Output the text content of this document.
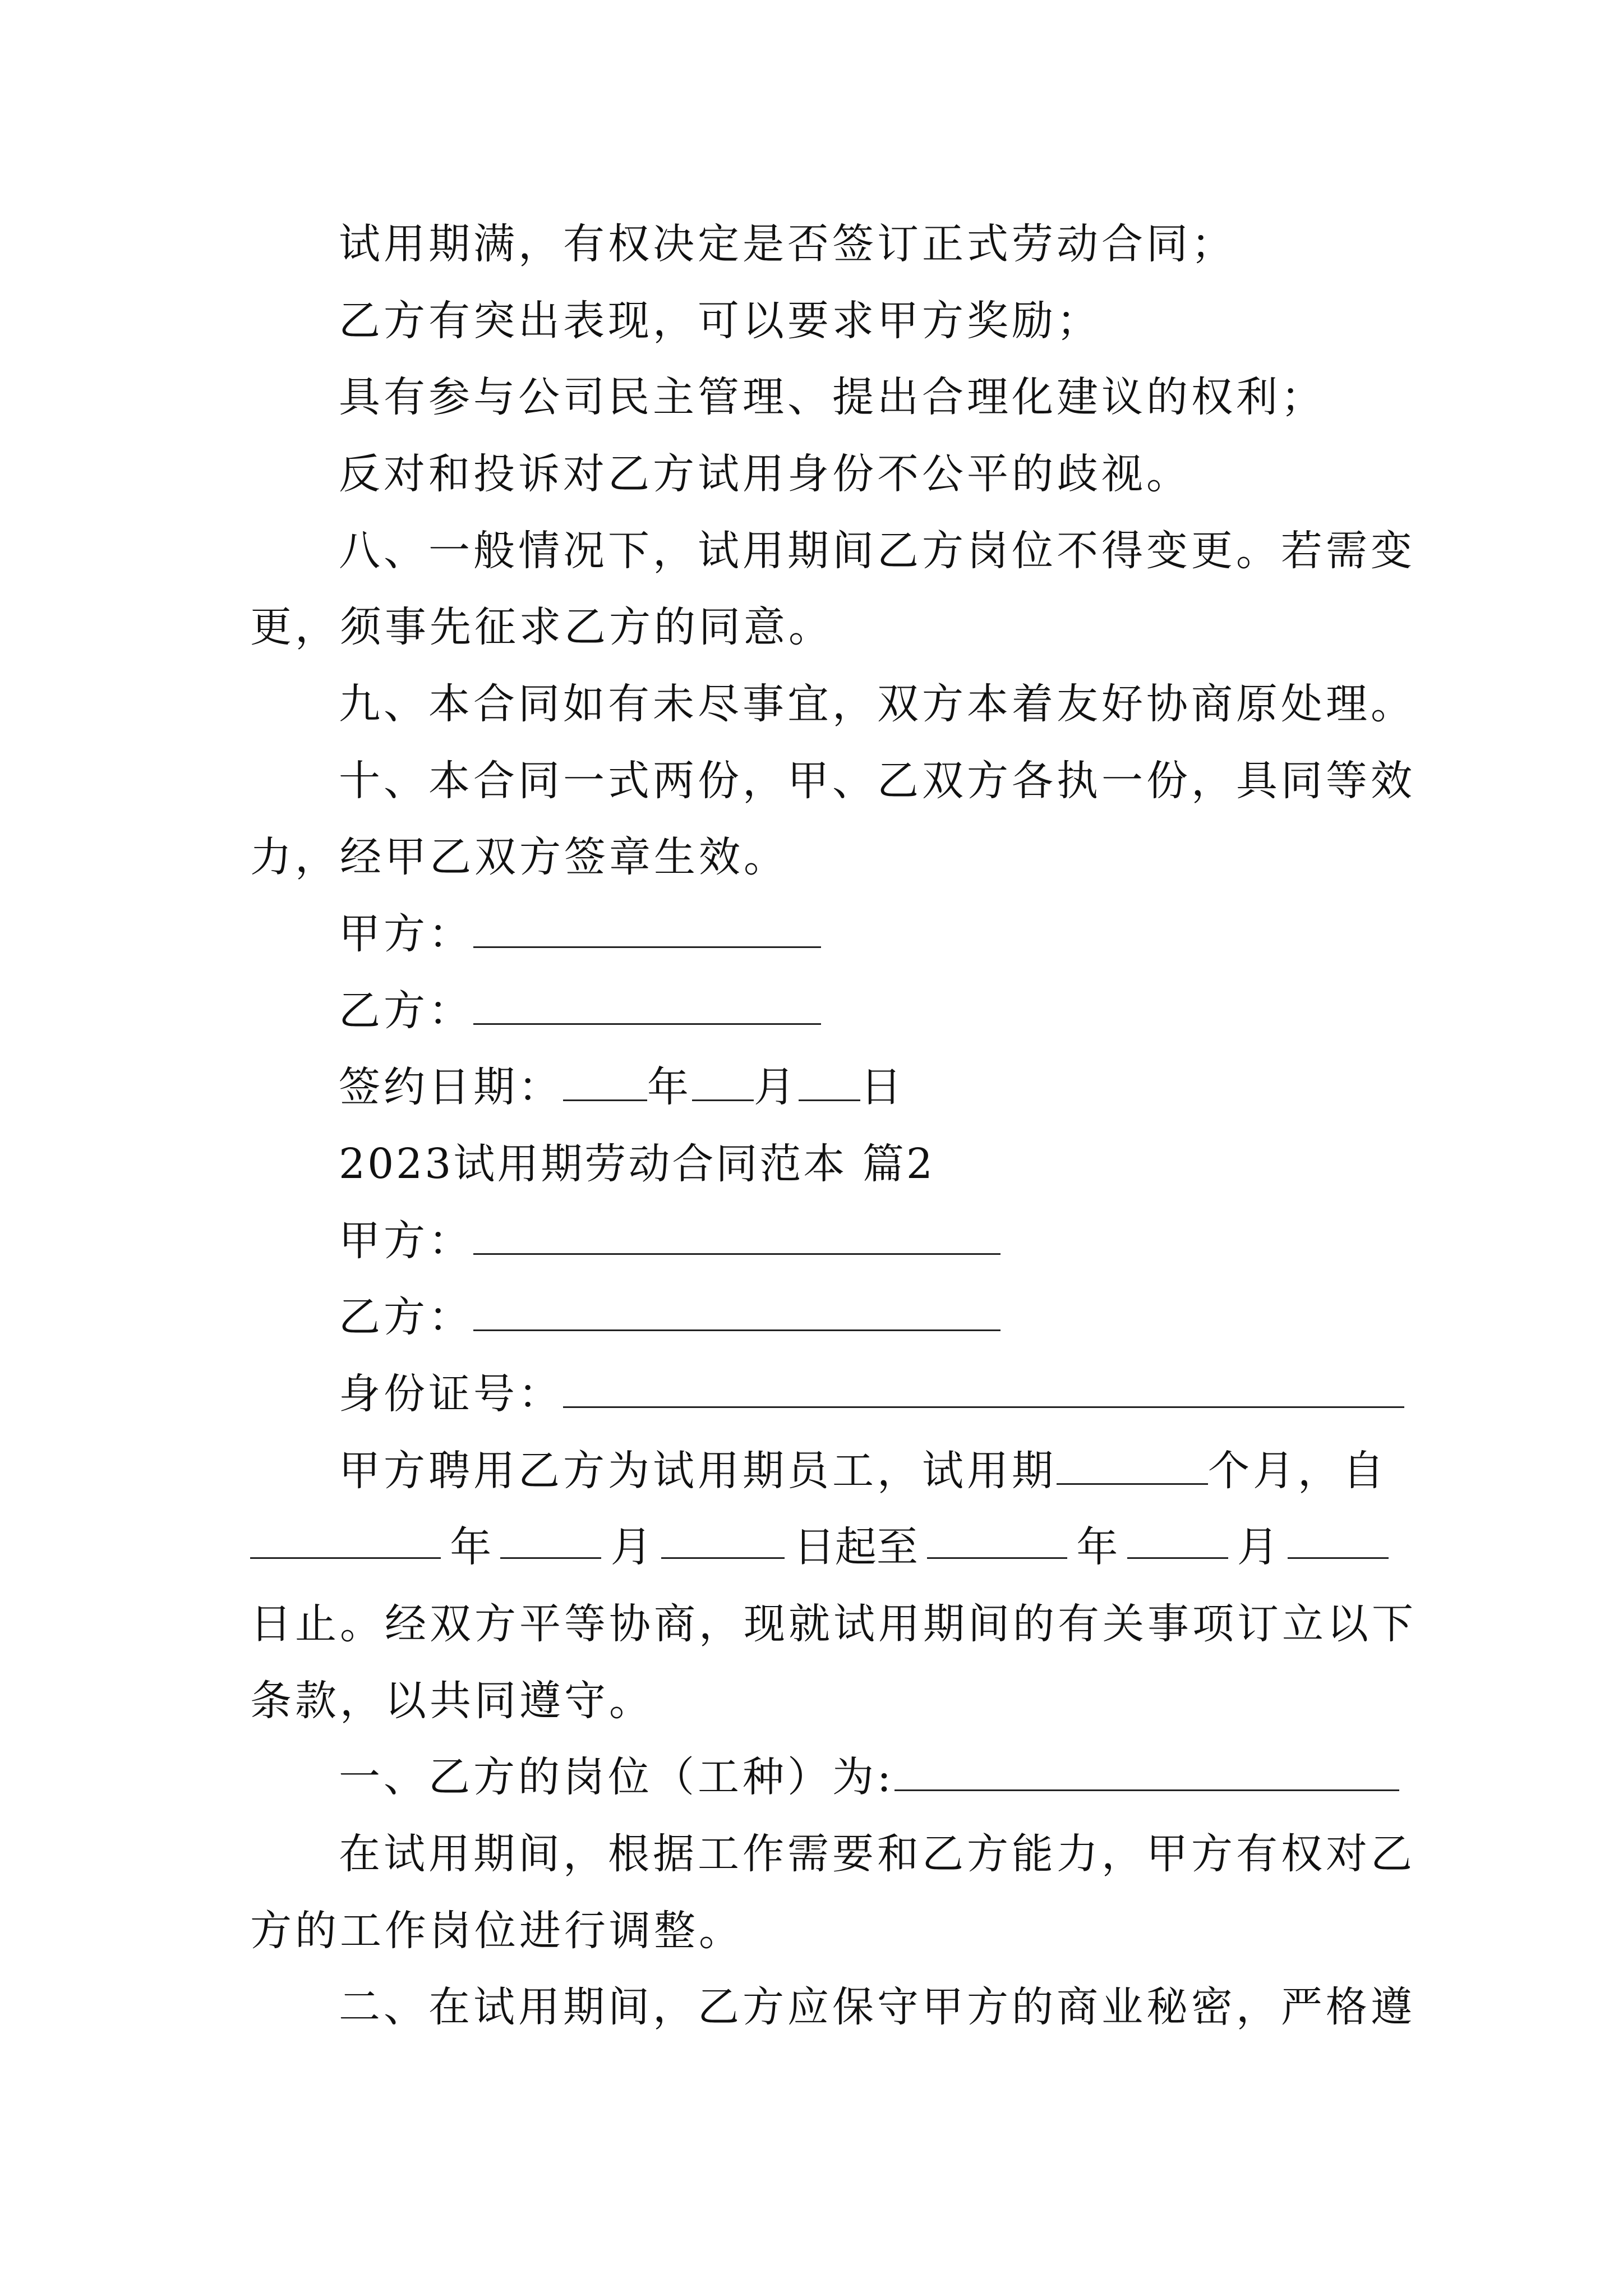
试用期满，有权决定是否签订正式劳动合同；
乙方有突出表现，可以要求甲方奖励；
具有参与公司民主管理、提出合理化建议的权利；
反对和投诉对乙方试用身份不公平的歧视。
八、一般情况下，试用期间乙方岗位不得变更。若需变
更，须事先征求乙方的同意。
九、本合同如有未尽事宜，双方本着友好协商原处理。
十、本合同一式两份，甲、乙双方各执一份，具同等效
力，经甲乙双方签章生效。
甲方：
乙方：
签约日期： 年 月 日
2023试用期劳动合同范本 篇2
甲方：
乙方：
身份证号：
甲方聘用乙方为试用期员工，试用期	个月，自
年	月	日起至	年	月
日止。经双方平等协商，现就试用期间的有关事项订立以下
条款，以共同遵守。
一、乙方的岗位（工种）为:
在试用期间，根据工作需要和乙方能力，甲方有权对乙
方的工作岗位进行调整。
二、在试用期间，乙方应保守甲方的商业秘密，严格遵
